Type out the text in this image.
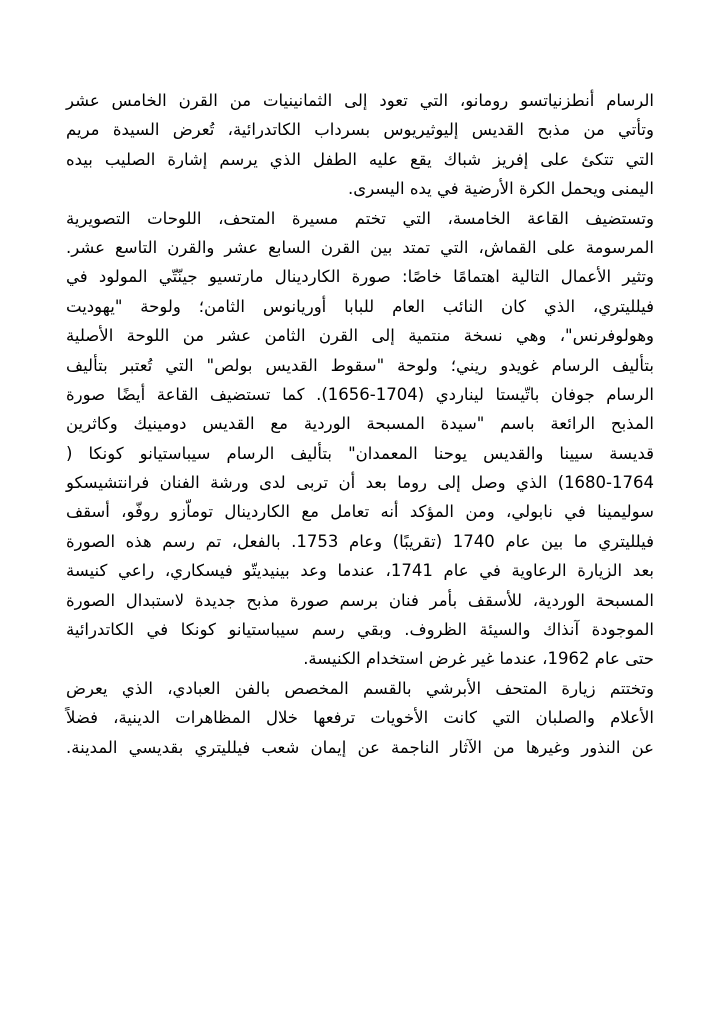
الرسام أنطزنياتسو رومانو، التي تعود إلى الثمانينيات من القرن الخامس عشر
وتأتي من مذبح القديس إليوثيريوس بسرداب الكاتدرائية، تُعرض السيدة مريم
التي تتكئ على إفريز شباك يقع عليه الطفل الذي يرسم إشارة الصليب بيده
اليمنى ويحمل الكرة الأرضية في يده اليسرى.
وتستضيف القاعة الخامسة، التي تختم مسيرة المتحف، اللوحات التصويرية
المرسومة على القماش، التي تمتد بين القرن السابع عشر والقرن التاسع عشر.
وتثير الأعمال التالية اهتمامًا خاصًا: صورة الكاردينال مارتسيو جينّتّي المولود في
فيلليتري، الذي كان النائب العام للبابا أوريانوس الثامن؛ ولوحة "يهوديت
وهولوفرنس"، وهي نسخة منتمية إلى القرن الثامن عشر من اللوحة الأصلية
بتأليف الرسام غويدو ريني؛ ولوحة "سقوط القديس بولص" التي تُعتبر بتأليف
الرسام جوفان باتّيستا ليناردي (1704-1656). كما تستضيف القاعة أيضًا صورة
المذبح الرائعة باسم "سيدة المسبحة الوردية مع القديس دومينيك وكاثرين
قديسة سيينا والقديس يوحنا المعمدان" بتأليف الرسام سيباستيانو كونكا (
1680-1764) الذي وصل إلى روما بعد أن تربى لدى ورشة الفنان فرانتشيسكو
سوليمينا في نابولي، ومن المؤكد أنه تعامل مع الكاردينال توماّزو روفّو، أسقف
فيلليتري ما بين عام 1740 (تقريبًا) وعام 1753. بالفعل، تم رسم هذه الصورة
بعد الزيارة الرعاوية في عام 1741، عندما وعد بينيديتّو فيسكاري، راعي كنيسة
المسبحة الوردية، للأسقف بأمر فنان برسم صورة مذبح جديدة لاستبدال الصورة
الموجودة آنذاك والسيئة الظروف. وبقي رسم سيباستيانو كونكا في الكاتدرائية
حتى عام 1962، عندما غير غرض استخدام الكنيسة.
وتختتم زيارة المتحف الأبرشي بالقسم المخصص بالفن العبادي، الذي يعرض
الأعلام والصلبان التي كانت الأخويات ترفعها خلال المظاهرات الدينية، فضلاً
عن النذور وغيرها من الآثار الناجمة عن إيمان شعب فيلليتري بقديسي المدينة.
